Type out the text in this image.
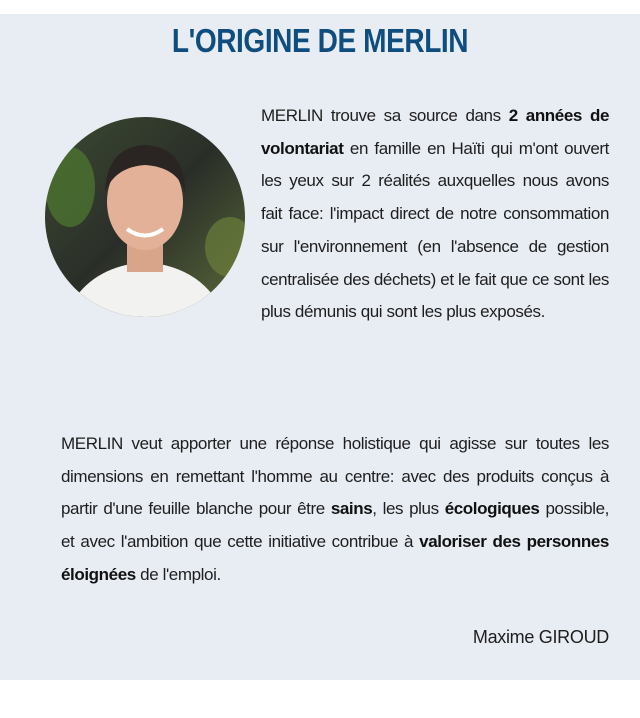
L'ORIGINE DE MERLIN
MERLIN trouve sa source dans 2 années de volontariat en famille en Haïti qui m'ont ouvert les yeux sur 2 réalités auxquelles nous avons fait face: l'impact direct de notre consommation sur l'environnement (en l'absence de gestion centralisée des déchets) et le fait que ce sont les plus démunis qui sont les plus exposés.
MERLIN veut apporter une réponse holistique qui agisse sur toutes les dimensions en remettant l'homme au centre: avec des produits conçus à partir d'une feuille blanche pour être sains, les plus écologiques possible, et avec l'ambition que cette initiative contribue à valoriser des personnes éloignées de l'emploi.
Maxime GIROUD
